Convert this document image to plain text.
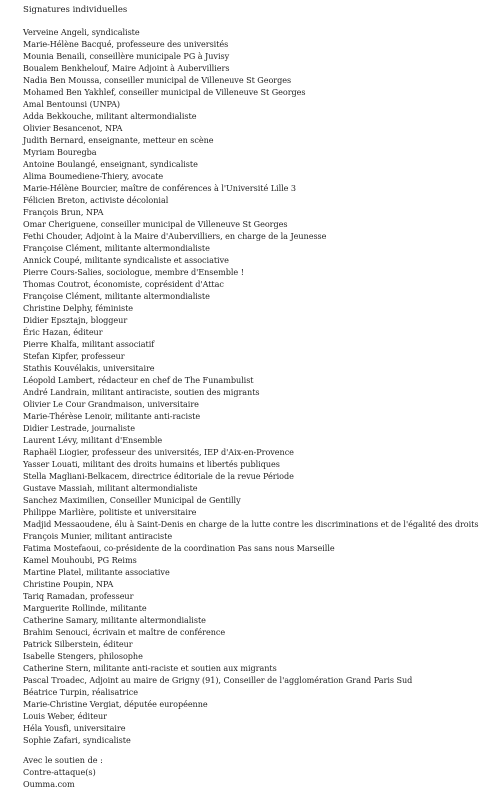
Signatures individuelles
Verveine Angeli, syndicaliste
Marie-Hélène Bacqué, professeure des universités
Mounia Benaili, conseillère municipale PG à Juvisy
Boualem Benkhelouf, Maire Adjoint à Aubervilliers
Nadia Ben Moussa, conseiller municipal de Villeneuve St Georges
Mohamed Ben Yakhlef, conseiller municipal de Villeneuve St Georges
Amal Bentounsi (UNPA)
Adda Bekkouche, militant altermondialiste
Olivier Besancenot, NPA
Judith Bernard, enseignante, metteur en scène
Myriam Bouregba
Antoine Boulangé, enseignant, syndicaliste
Alima Boumediene-Thiery, avocate
Marie-Hélène Bourcier, maître de conférences à l'Université Lille 3
Félicien Breton, activiste décolonial
François Brun, NPA
Omar Cheriguene, conseiller municipal de Villeneuve St Georges
Fethi Chouder, Adjoint à la Maire d'Aubervilliers, en charge de la Jeunesse
Françoise Clément, militante altermondialiste
Annick Coupé, militante syndicaliste et associative
Pierre Cours-Salies, sociologue, membre d'Ensemble !
Thomas Coutrot, économiste, coprésident d'Attac
Françoise Clément, militante altermondialiste
Christine Delphy, féministe
Didier Epsztajn, bloggeur
Éric Hazan, éditeur
Pierre Khalfa, militant associatif
Stefan Kipfer, professeur
Stathis Kouvélakis, universitaire
Léopold Lambert, rédacteur en chef de The Funambulist
André Landrain, militant antiraciste, soutien des migrants
Olivier Le Cour Grandmaison, universitaire
Marie-Thérèse Lenoir, militante anti-raciste
Didier Lestrade, journaliste
Laurent Lévy, militant d'Ensemble
Raphaël Liogier, professeur des universités, IEP d'Aix-en-Provence
Yasser Louati, militant des droits humains et libertés publiques
Stella Magliani-Belkacem, directrice éditoriale de la revue Période
Gustave Massiah, militant altermondialiste
Sanchez Maximilien, Conseiller Municipal de Gentilly
Philippe Marlière, politiste et universitaire
Madjid Messaoudene, élu à Saint-Denis en charge de la lutte contre les discriminations et de l'égalité des droits
François Munier, militant antiraciste
Fatima Mostefaoui, co-présidente de la coordination Pas sans nous Marseille
Kamel Mouhoubi, PG Reims
Martine Platel, militante associative
Christine Poupin, NPA
Tariq Ramadan, professeur
Marguerite Rollinde, militante
Catherine Samary, militante altermondialiste
Brahim Senouci, écrivain et maître de conférence
Patrick Silberstein, éditeur
Isabelle Stengers, philosophe
Catherine Stern, militante anti-raciste et soutien aux migrants
Pascal Troadec, Adjoint au maire de Grigny (91), Conseiller de l'agglomération Grand Paris Sud
Béatrice Turpin, réalisatrice
Marie-Christine Vergiat, députée européenne
Louis Weber, éditeur
Héla Yousfi, universitaire
Sophie Zafari, syndicaliste
Avec le soutien de :
Contre-attaque(s)
Oumma.com
